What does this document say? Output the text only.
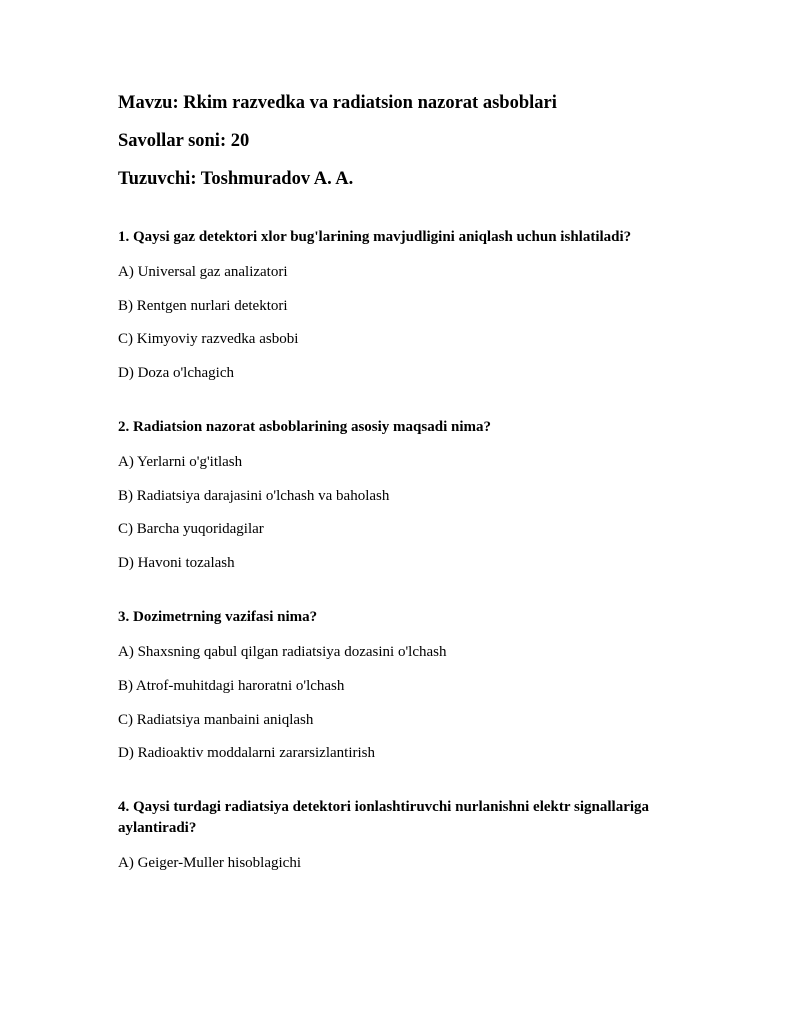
Mavzu: Rkim razvedka va radiatsion nazorat asboblari
Savollar soni: 20
Tuzuvchi: Toshmuradov A. A.
1. Qaysi gaz detektori xlor bug'larining mavjudligini aniqlash uchun ishlatiladi?
A) Universal gaz analizatori
B) Rentgen nurlari detektori
C) Kimyoviy razvedka asbobi
D) Doza o'lchagich
2. Radiatsion nazorat asboblarining asosiy maqsadi nima?
A) Yerlarni o'g'itlash
B) Radiatsiya darajasini o'lchash va baholash
C) Barcha yuqoridagilar
D) Havoni tozalash
3. Dozimetrning vazifasi nima?
A) Shaxsning qabul qilgan radiatsiya dozasini o'lchash
B) Atrof-muhitdagi haroratni o'lchash
C) Radiatsiya manbaini aniqlash
D) Radioaktiv moddalarni zararsizlantirish
4. Qaysi turdagi radiatsiya detektori ionlashtiruvchi nurlanishni elektr signallariga aylantiradi?
A) Geiger-Muller hisoblagichi
